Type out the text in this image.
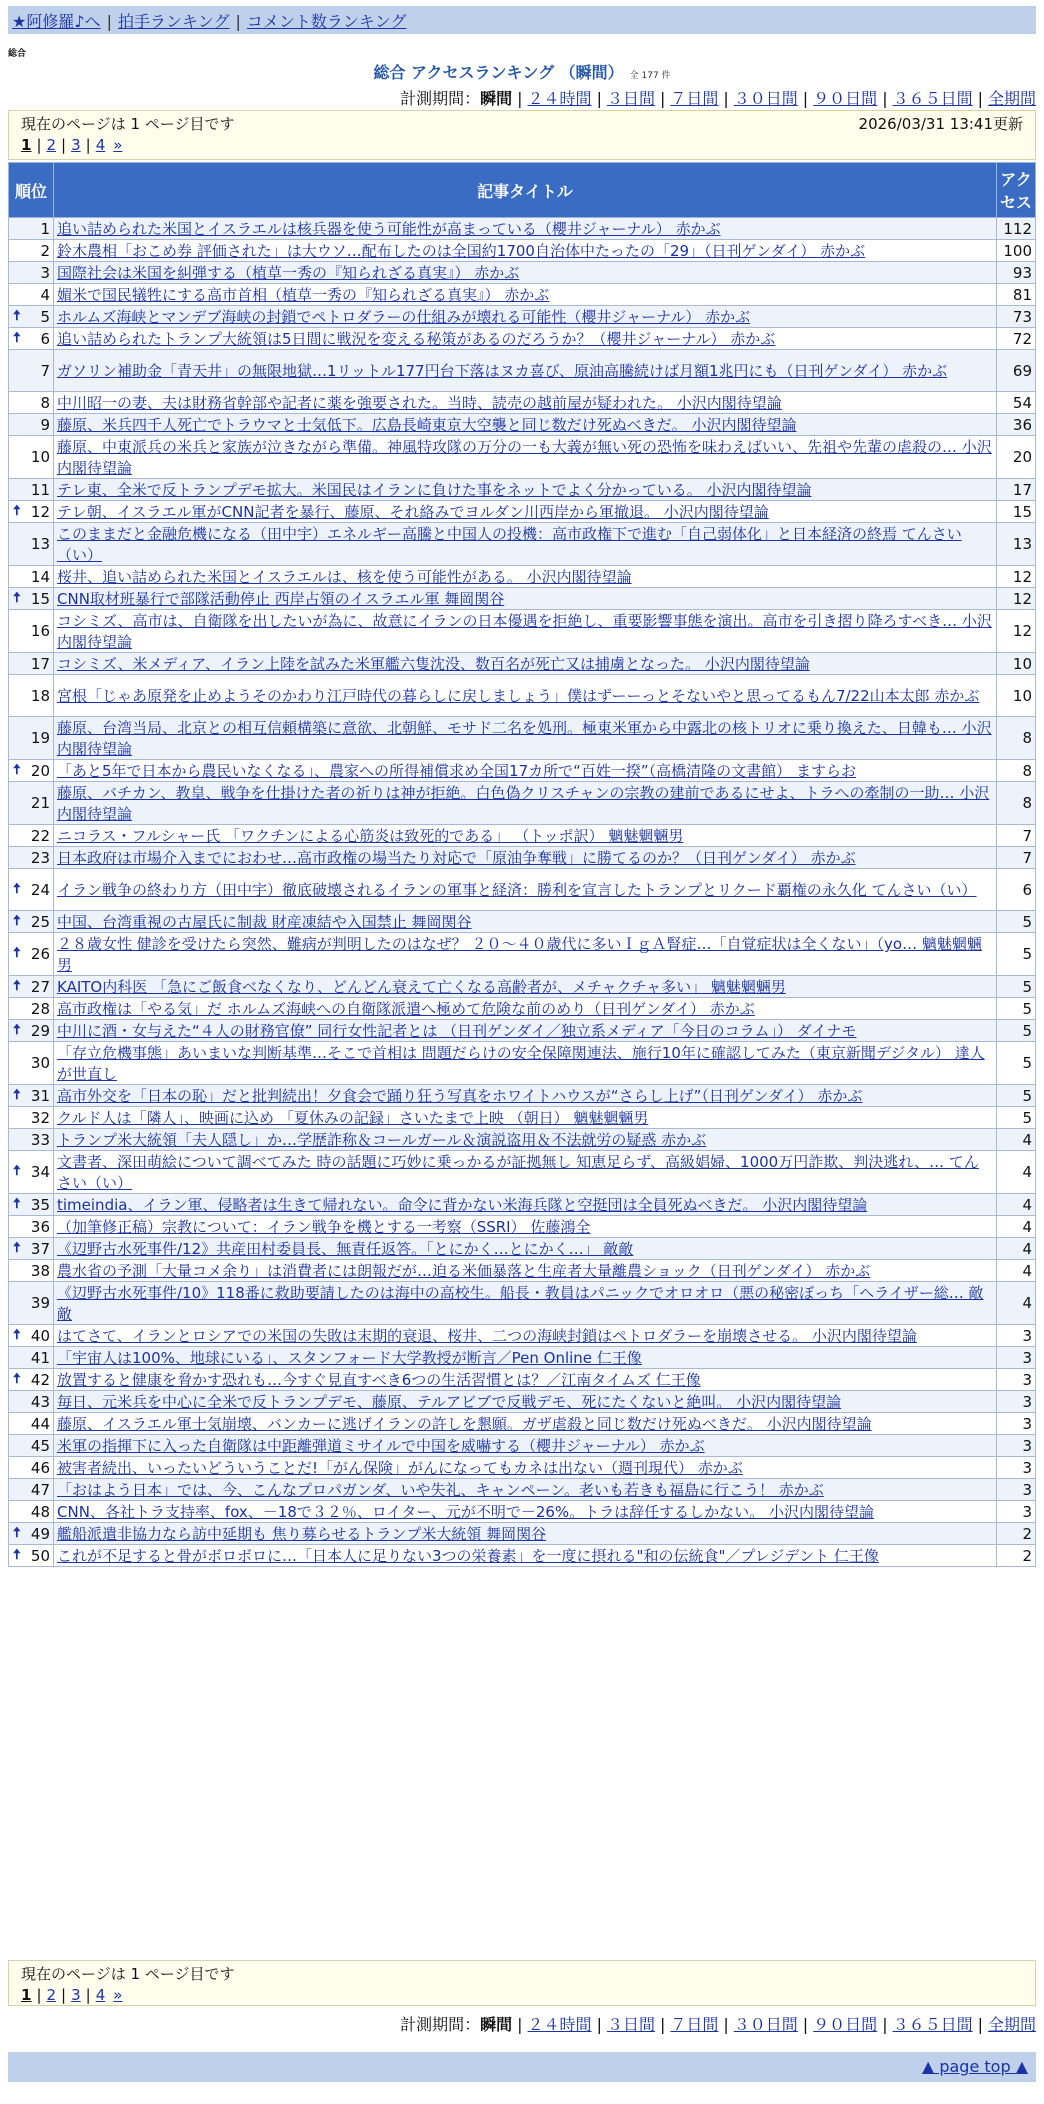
★阿修羅♪へ | 拍手ランキング | コメント数ランキング
総合
総合 アクセスランキング （瞬間） 全 177 件
計測期間：瞬間 | ２４時間 | ３日間 | ７日間 | ３０日間 | ９０日間 | ３６５日間 | 全期間
現在のページは 1 ページ目です	2026/03/31 13:41更新
1 | 2 | 3 | 4 »
順位	記事タイトル	アクセス
1	追い詰められた米国とイスラエルは核兵器を使う可能性が高まっている（櫻井ジャーナル） 赤かぶ	112
2	鈴木農相「おこめ券 評価された」は大ウソ…配布したのは全国約1700自治体中たったの「29」（日刊ゲンダイ） 赤かぶ	100
3	国際社会は米国を糾弾する（植草一秀の『知られざる真実』） 赤かぶ	93
4	媚米で国民犠牲にする高市首相（植草一秀の『知られざる真実』） 赤かぶ	81

🠅 5	ホルムズ海峡とマンデブ海峡の封鎖でペトロダラーの仕組みが壊れる可能性（櫻井ジャーナル） 赤かぶ	73

🠅 6	追い詰められたトランプ大統領は5日間に戦況を変える秘策があるのだろうか？（櫻井ジャーナル） 赤かぶ	72
7	ガソリン補助金「青天井」の無限地獄…1リットル177円台下落はヌカ喜び、原油高騰続けば月額1兆円にも（日刊ゲンダイ） 赤かぶ	69
8	中川昭一の妻、夫は財務省幹部や記者に薬を強要された。当時、読売の越前屋が疑われた。 小沢内閣待望論	54
9	藤原、米兵四千人死亡でトラウマと士気低下。広島長崎東京大空襲と同じ数だけ死ぬべきだ。 小沢内閣待望論	36
10	藤原、中東派兵の米兵と家族が泣きながら準備。神風特攻隊の万分の一も大義が無い死の恐怖を味わえばいい、先祖や先輩の虐殺の… 小沢内閣待望論	20
11	テレ東、全米で反トランプデモ拡大。米国民はイランに負けた事をネットでよく分かっている。 小沢内閣待望論	17

🠅 12	テレ朝、イスラエル軍がCNN記者を暴行、藤原、それ絡みでヨルダン川西岸から軍撤退。 小沢内閣待望論	15
13	このままだと金融危機になる（田中宇）エネルギー高騰と中国人の投機：高市政権下で進む「自己弱体化」と日本経済の終焉 てんさい（い）	13
14	桜井、追い詰められた米国とイスラエルは、核を使う可能性がある。 小沢内閣待望論	12

🠅 15	CNN取材班暴行で部隊活動停止 西岸占領のイスラエル軍 舞岡関谷	12
16	コシミズ、高市は、自衛隊を出したいが為に、故意にイランの日本優遇を拒絶し、重要影響事態を演出。高市を引き摺り降ろすべき… 小沢内閣待望論	12
17	コシミズ、米メディア、イラン上陸を試みた米軍艦六隻沈没、数百名が死亡又は捕虜となった。 小沢内閣待望論	10
18	宮根「じゃあ原発を止めようそのかわり江戸時代の暮らしに戻しましょう」僕はずーーっとそないやと思ってるもん7/22山本太郎 赤かぶ	10
19	藤原、台湾当局、北京との相互信頼構築に意欲、北朝鮮、モサド二名を処刑。極東米軍から中露北の核トリオに乗り換えた、日韓も… 小沢内閣待望論	8

🠅 20	「あと5年で日本から農民いなくなる」、農家への所得補償求め全国17カ所で“百姓一揆”（高橋清隆の文書館） ますらお	8
21	藤原、バチカン、教皇、戦争を仕掛けた者の祈りは神が拒絶。白色偽クリスチャンの宗教の建前であるにせよ、トラへの牽制の一助… 小沢内閣待望論	8
22	ニコラス・フルシャー氏 「ワクチンによる心筋炎は致死的である」 （トッポ訳） 魑魅魍魎男	7
23	日本政府は市場介入までにおわせ…高市政権の場当たり対応で「原油争奪戦」に勝てるのか？（日刊ゲンダイ） 赤かぶ	7

🠅 24	イラン戦争の終わり方（田中宇）徹底破壊されるイランの軍事と経済：勝利を宣言したトランプとリクード覇権の永久化 てんさい（い）	6

🠅 25	中国、台湾重視の古屋氏に制裁 財産凍結や入国禁止 舞岡関谷	5

🠅 26	２８歳女性 健診を受けたら突然、難病が判明したのはなぜ？ ２０～４０歳代に多いＩｇＡ腎症…「自覚症状は全くない」（yo… 魑魅魍魎男	5

🠅 27	KAITO内科医 「急にご飯食べなくなり、どんどん衰えて亡くなる高齢者が、メチャクチャ多い」 魑魅魍魎男	5
28	高市政権は「やる気」だ ホルムズ海峡への自衛隊派遣へ極めて危険な前のめり（日刊ゲンダイ） 赤かぶ	5

🠅 29	中川に酒・女与えた“４人の財務官僚” 同行女性記者とは （日刊ゲンダイ／独立系メディア「今日のコラム」） ダイナモ	5
30	「存立危機事態」あいまいな判断基準…そこで首相は 問題だらけの安全保障関連法、施行10年に確認してみた（東京新聞デジタル） 達人が世直し	5

🠅 31	高市外交を「日本の恥」だと批判続出！夕食会で踊り狂う写真をホワイトハウスが“さらし上げ”（日刊ゲンダイ） 赤かぶ	5
32	クルド人は「隣人」、映画に込め 「夏休みの記録」さいたまで上映 （朝日） 魑魅魍魎男	5
33	トランプ米大統領「夫人隠し」か…学歴詐称＆コールガール＆演説盗用＆不法就労の疑惑 赤かぶ	4

🠅 34	文書者、深田萌絵について調べてみた 時の話題に巧妙に乗っかるが証拠無し 知恵足らず、高級娼婦、1000万円詐欺、判決逃れ、… てんさい（い）	4

🠅 35	timeindia、イラン軍、侵略者は生きて帰れない。命令に背かない米海兵隊と空挺団は全員死ぬべきだ。 小沢内閣待望論	4
36	（加筆修正稿）宗教について：イラン戦争を機とする一考察（SSRI） 佐藤鴻全	4

🠅 37	《辺野古水死事件/12》共産田村委員長、無責任返答。「とにかく…とにかく…」 敵敵	4
38	農水省の予測「大量コメ余り」は消費者には朗報だが…迫る米価暴落と生産者大量離農ショック（日刊ゲンダイ） 赤かぶ	4
39	《辺野古水死事件/10》118番に救助要請したのは海中の高校生。船長・教員はパニックでオロオロ（悪の秘密ぼっち「ヘライザー総… 敵敵	4

🠅 40	はてさて、イランとロシアでの米国の失敗は末期的衰退、桜井、二つの海峡封鎖はペトロダラーを崩壊させる。 小沢内閣待望論	3
41	「宇宙人は100%、地球にいる」、スタンフォード大学教授が断言／Pen Online 仁王像	3

🠅 42	放置すると健康を脅かす恐れも…今すぐ見直すべき6つの生活習慣とは？／江南タイムズ 仁王像	3
43	毎日、元米兵を中心に全米で反トランプデモ、藤原、テルアビブで反戦デモ、死にたくないと絶叫。 小沢内閣待望論	3
44	藤原、イスラエル軍士気崩壊、バンカーに逃げイランの許しを懇願。ガザ虐殺と同じ数だけ死ぬべきだ。 小沢内閣待望論	3
45	米軍の指揮下に入った自衛隊は中距離弾道ミサイルで中国を威嚇する（櫻井ジャーナル） 赤かぶ	3
46	被害者続出、いったいどういうことだ!「がん保険」がんになってもカネは出ない（週刊現代） 赤かぶ	3
47	「おはよう日本」では、今、こんなプロパガンダ、いや失礼、キャンペーン。老いも若きも福島に行こう！ 赤かぶ	3
48	CNN、各社トラ支持率、fox、－18で３２％、ロイター、元が不明で－26%。トラは辞任するしかない。 小沢内閣待望論	3

🠅 49	艦船派遣非協力なら訪中延期も 焦り募らせるトランプ米大統領 舞岡関谷	2

🠅 50	これが不足すると骨がボロボロに…「日本人に足りない3つの栄養素」を一度に摂れる"和の伝統食"／プレジデント 仁王像	2
現在のページは 1 ページ目です
1 | 2 | 3 | 4 »
計測期間：瞬間 | ２４時間 | ３日間 | ７日間 | ３０日間 | ９０日間 | ３６５日間 | 全期間
▲ page top ▲
